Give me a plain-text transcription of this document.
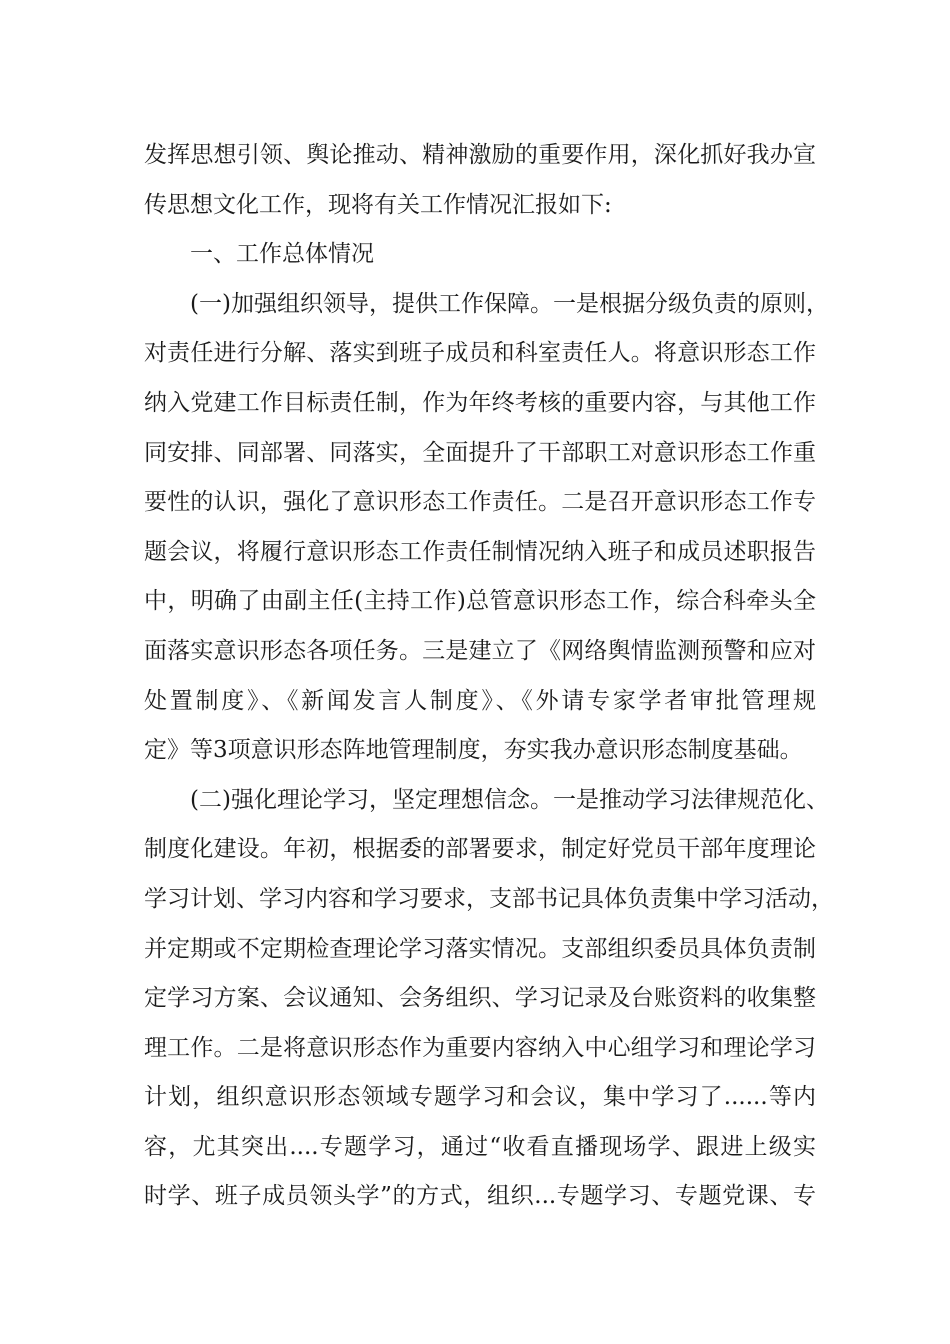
发挥思想引领、舆论推动、精神激励的重要作用，深化抓好我办宣
传思想文化工作，现将有关工作情况汇报如下:
一、工作总体情况
(一)加强组织领导，提供工作保障。一是根据分级负责的原则，
对责任进行分解、落实到班子成员和科室责任人。将意识形态工作
纳入党建工作目标责任制，作为年终考核的重要内容，与其他工作
同安排、同部署、同落实，全面提升了干部职工对意识形态工作重
要性的认识，强化了意识形态工作责任。二是召开意识形态工作专
题会议，将履行意识形态工作责任制情况纳入班子和成员述职报告
中，明确了由副主任(主持工作)总管意识形态工作，综合科牵头全
面落实意识形态各项任务。三是建立了《网络舆情监测预警和应对
处置制度》、《新闻发言人制度》、《外请专家学者审批管理规
定》等3项意识形态阵地管理制度，夯实我办意识形态制度基础。
(二)强化理论学习，坚定理想信念。一是推动学习法律规范化、
制度化建设。年初，根据委的部署要求，制定好党员干部年度理论
学习计划、学习内容和学习要求，支部书记具体负责集中学习活动，
并定期或不定期检查理论学习落实情况。支部组织委员具体负责制
定学习方案、会议通知、会务组织、学习记录及台账资料的收集整
理工作。二是将意识形态作为重要内容纳入中心组学习和理论学习
计划，组织意识形态领域专题学习和会议，集中学习了......等内
容，尤其突出....专题学习，通过“收看直播现场学、跟进上级实
时学、班子成员领头学”的方式，组织...专题学习、专题党课、专
